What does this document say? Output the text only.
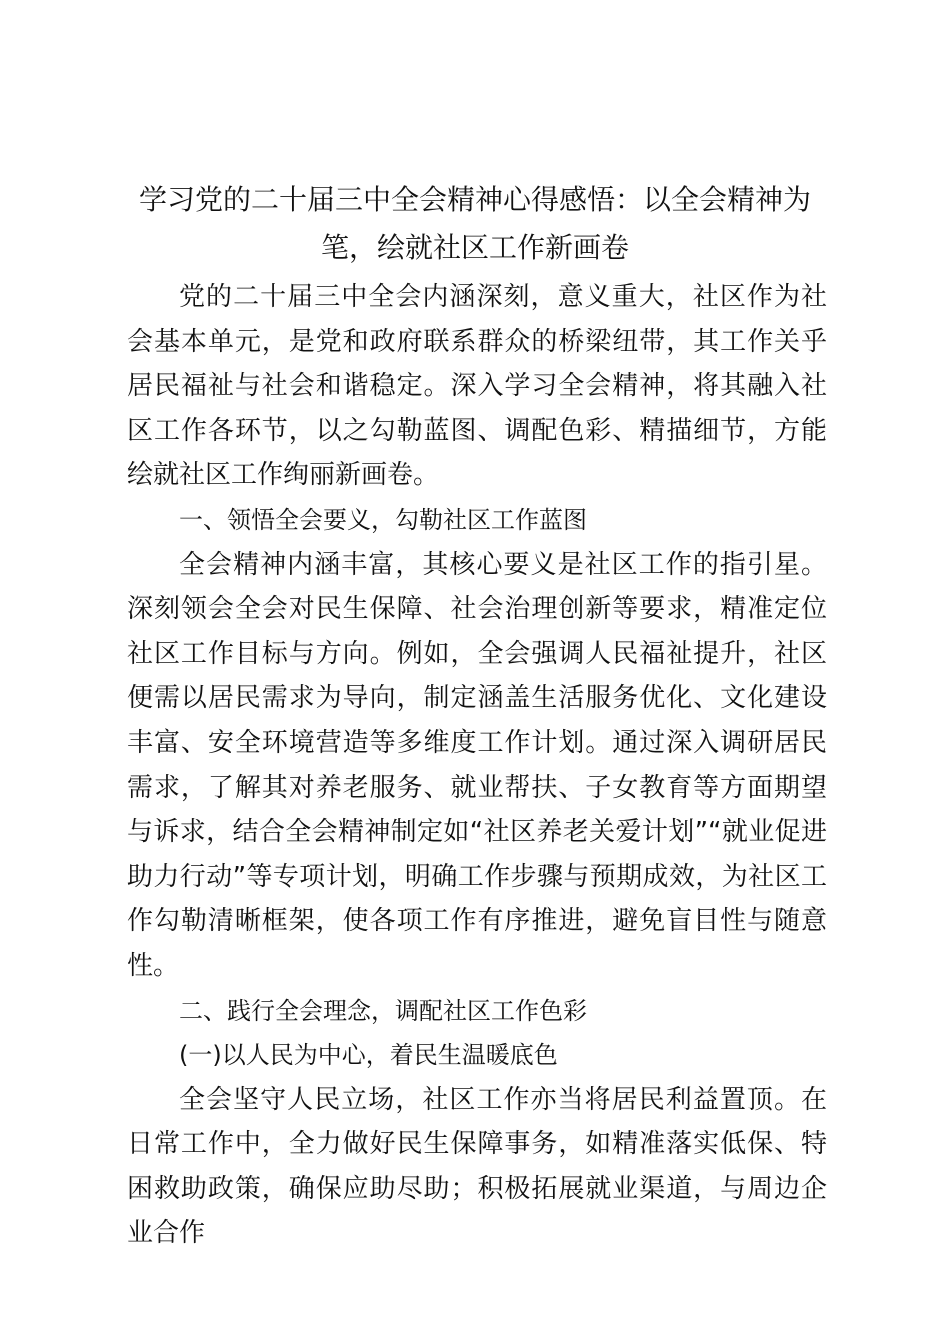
学习党的二十届三中全会精神心得感悟：以全会精神为笔，绘就社区工作新画卷

党的二十届三中全会内涵深刻，意义重大，社区作为社会基本单元，是党和政府联系群众的桥梁纽带，其工作关乎居民福祉与社会和谐稳定。深入学习全会精神，将其融入社区工作各环节，以之勾勒蓝图、调配色彩、精描细节，方能绘就社区工作绚丽新画卷。

一、领悟全会要义，勾勒社区工作蓝图

全会精神内涵丰富，其核心要义是社区工作的指引星。深刻领会全会对民生保障、社会治理创新等要求，精准定位社区工作目标与方向。例如，全会强调人民福祉提升，社区便需以居民需求为导向，制定涵盖生活服务优化、文化建设丰富、安全环境营造等多维度工作计划。通过深入调研居民需求，了解其对养老服务、就业帮扶、子女教育等方面期望与诉求，结合全会精神制定如“社区养老关爱计划”“就业促进助力行动”等专项计划，明确工作步骤与预期成效，为社区工作勾勒清晰框架，使各项工作有序推进，避免盲目性与随意性。

二、践行全会理念，调配社区工作色彩

(一)以人民为中心，着民生温暖底色

全会坚守人民立场，社区工作亦当将居民利益置顶。在日常工作中，全力做好民生保障事务，如精准落实低保、特困救助政策，确保应助尽助；积极拓展就业渠道，与周边企业合作
